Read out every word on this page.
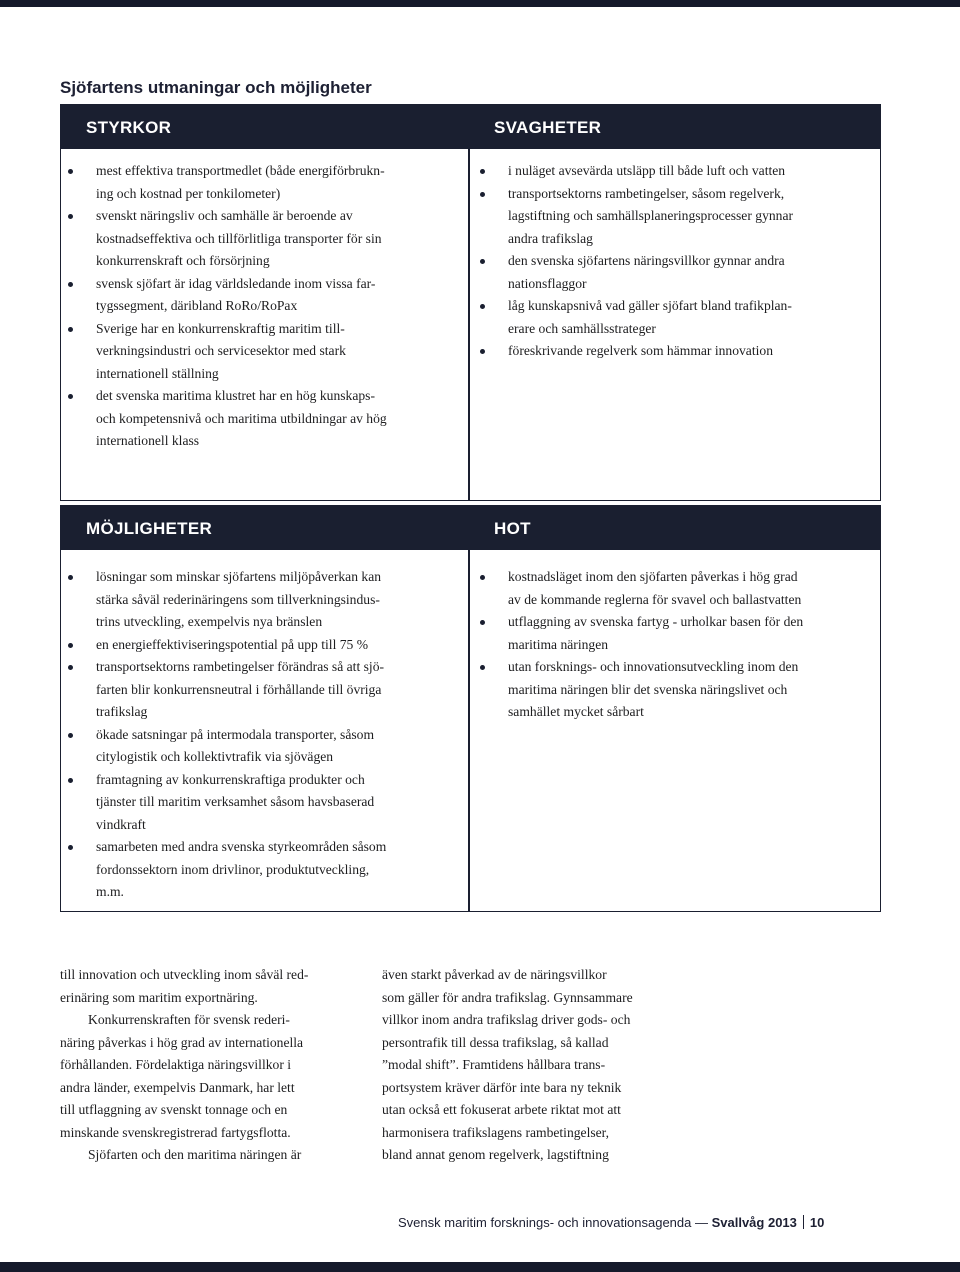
Sjöfartens utmaningar och möjligheter
STYRKOR	SVAGHETER
mest effektiva transportmedlet (både energiförbrukn-
ing och kostnad per tonkilometer)
svenskt näringsliv och samhälle är beroende av
kostnadseffektiva och tillförlitliga transporter för sin
konkurrenskraft och försörjning
svensk sjöfart är idag världsledande inom vissa far-
tygssegment, däribland RoRo/RoPax
Sverige har en konkurrenskraftig maritim till-
verkningsindustri och servicesektor med stark
internationell ställning
det svenska maritima klustret har en hög kunskaps-
och kompetensnivå och maritima utbildningar av hög
internationell klass
i nuläget avsevärda utsläpp till både luft och vatten
transportsektorns rambetingelser, såsom regelverk,
lagstiftning och samhällsplaneringsprocesser gynnar
andra trafikslag
den svenska sjöfartens näringsvillkor gynnar andra
nationsflaggor
låg kunskapsnivå vad gäller sjöfart bland trafikplan-
erare och samhällsstrateger
föreskrivande regelverk som hämmar innovation
MÖJLIGHETER	HOT
lösningar som minskar sjöfartens miljöpåverkan kan
stärka såväl rederinäringens som tillverkningsindus-
trins utveckling, exempelvis nya bränslen
en energieffektiviseringspotential på upp till 75 %
transportsektorns rambetingelser förändras så att sjö-
farten blir konkurrensneutral i förhållande till övriga
trafikslag
ökade satsningar på intermodala transporter, såsom
citylogistik och kollektivtrafik via sjövägen
framtagning av konkurrenskraftiga produkter och
tjänster till maritim verksamhet såsom havsbaserad
vindkraft
samarbeten med andra svenska styrkeområden såsom
fordonssektorn inom drivlinor, produktutveckling,
m.m.
kostnadsläget inom den sjöfarten påverkas i hög grad
av de kommande reglerna för svavel och ballastvatten
utflaggning av svenska fartyg - urholkar basen för den
maritima näringen
utan forsknings- och innovationsutveckling inom den
maritima näringen blir det svenska näringslivet och
samhället mycket sårbart
till innovation och utveckling inom såväl red-
erinäring som maritim exportnäring.
Konkurrenskraften för svensk rederi-
näring påverkas i hög grad av internationella
förhållanden. Fördelaktiga näringsvillkor i
andra länder, exempelvis Danmark, har lett
till utflaggning av svenskt tonnage och en
minskande svenskregistrerad fartygsflotta.
Sjöfarten och den maritima näringen är
även starkt påverkad av de näringsvillkor
som gäller för andra trafikslag. Gynnsammare
villkor inom andra trafikslag driver gods- och
persontrafik till dessa trafikslag, så kallad
”modal shift”. Framtidens hållbara trans-
portsystem kräver därför inte bara ny teknik
utan också ett fokuserat arbete riktat mot att
harmonisera trafikslagens rambetingelser,
bland annat genom regelverk, lagstiftning
Svensk maritim forsknings- och innovationsagenda — Svallvåg 2013 10
